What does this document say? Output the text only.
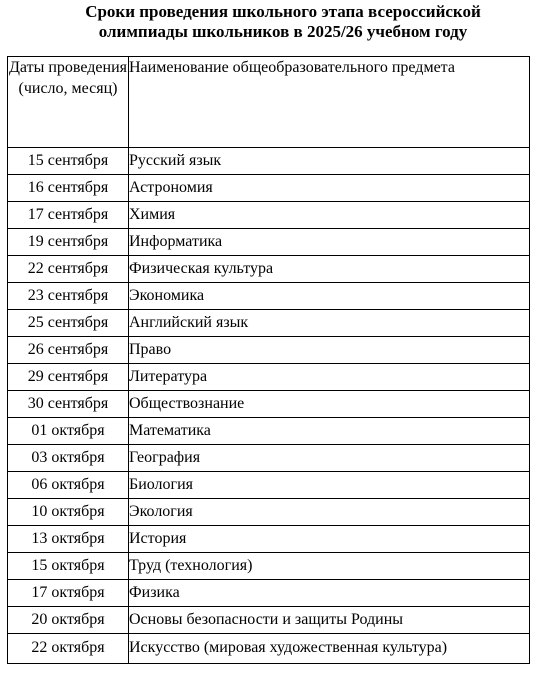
Сроки проведения школьного этапа всероссийской
олимпиады школьников в 2025/26 учебном году
Даты проведения (число, месяц)	Наименование общеобразовательного предмета
15 сентября	Русский язык
16 сентября	Астрономия
17 сентября	Химия
19 сентября	Информатика
22 сентября	Физическая культура
23 сентября	Экономика
25 сентября	Английский язык
26 сентября	Право
29 сентября	Литература
30 сентября	Обществознание
01 октября	Математика
03 октября	География
06 октября	Биология
10 октября	Экология
13 октября	История
15 октября	Труд (технология)
17 октября	Физика
20 октября	Основы безопасности и защиты Родины
22 октября	Искусство (мировая художественная культура)
